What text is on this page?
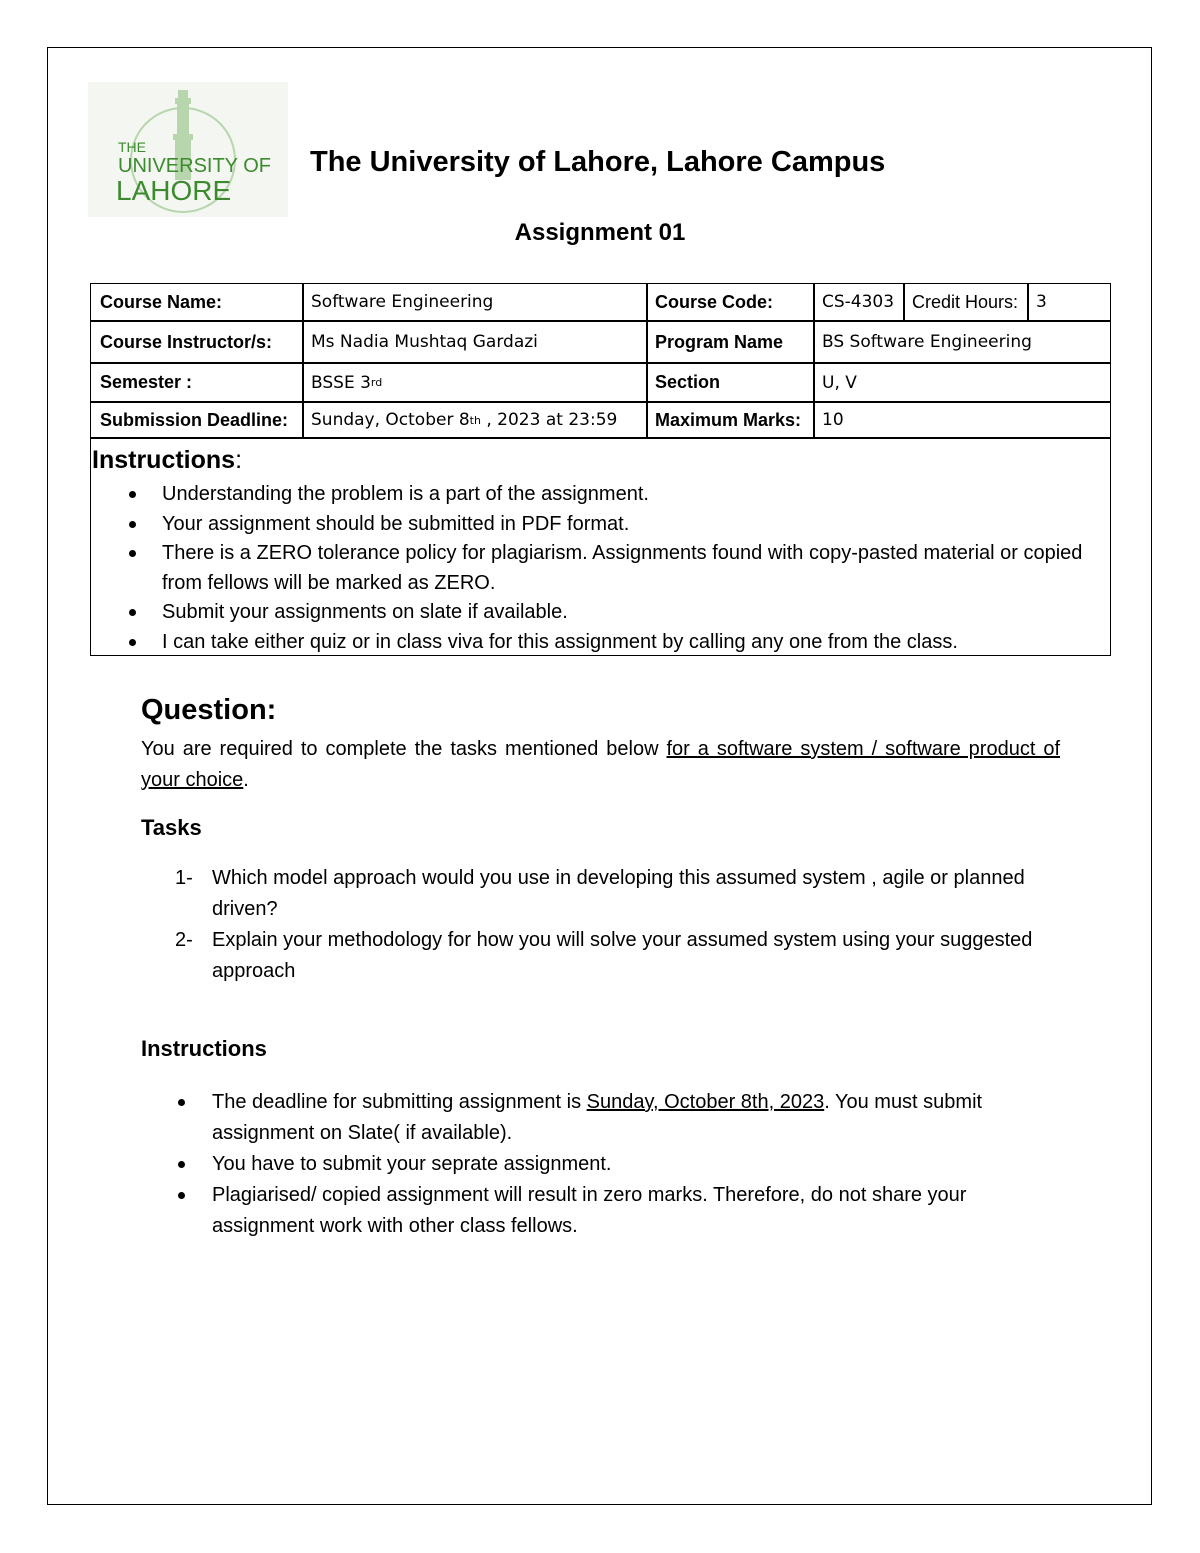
THE
UNIVERSITY OF
LAHORE
The University of Lahore, Lahore Campus
Assignment 01
Course Name:	Software Engineering	Course Code:	CS-4303 Credit Hours:	3
Course Instructor/s:	Ms Nadia Mushtaq Gardazi	Program Name	BS Software Engineering
Semester :	BSSE 3 rd	Section	U, V
Submission Deadline:	Sunday, October 8 th , 2023 at 23:59	Maximum Marks:	10
Instructions:
Understanding the problem is a part of the assignment.
Your assignment should be submitted in PDF format.
There is a ZERO tolerance policy for plagiarism. Assignments found with copy-pasted material or copied from fellows will be marked as ZERO.
Submit your assignments on slate if available.
I can take either quiz or in class viva for this assignment by calling any one from the class.
Question:
You are required to complete the tasks mentioned below for a software system / software product of your choice.
Tasks
1- Which model approach would you use in developing this assumed system , agile or planned driven?
2- Explain your methodology for how you will solve your assumed system using your suggested approach
Instructions
The deadline for submitting assignment is Sunday, October 8th, 2023. You must submit assignment on Slate( if available).
You have to submit your seprate assignment.
Plagiarised/ copied assignment will result in zero marks. Therefore, do not share your assignment work with other class fellows.
